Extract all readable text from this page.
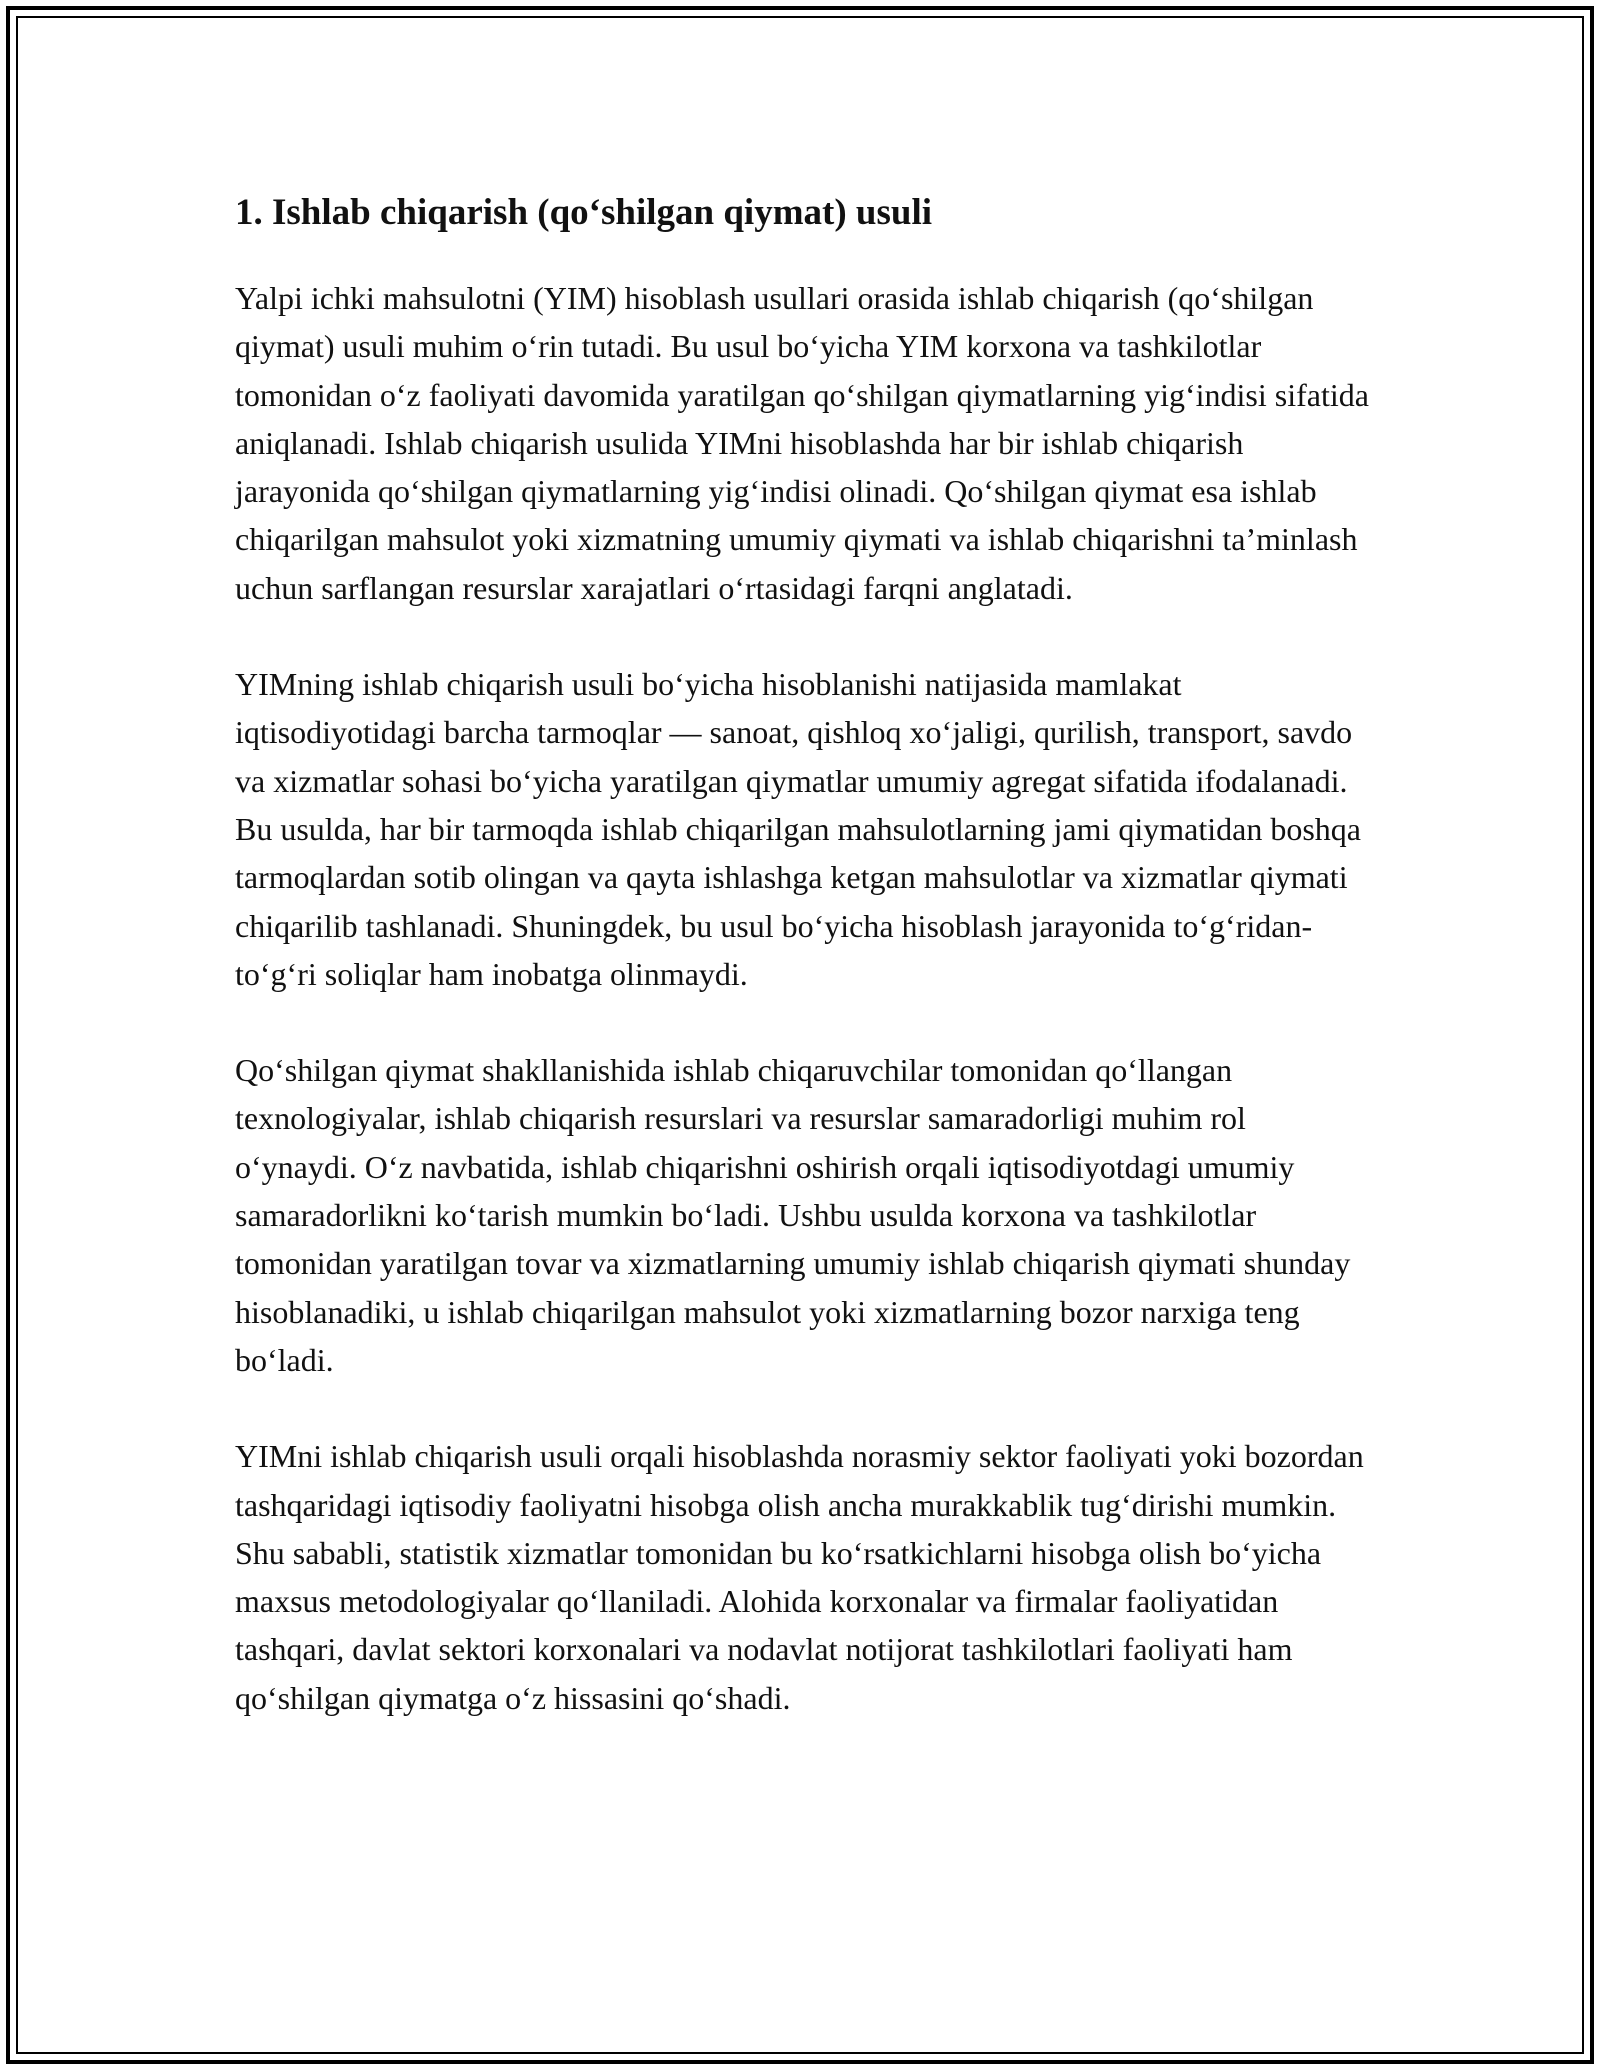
1. Ishlab chiqarish (qo‘shilgan qiymat) usuli

Yalpi ichki mahsulotni (YIM) hisoblash usullari orasida ishlab chiqarish (qo‘shilgan qiymat) usuli muhim o‘rin tutadi. Bu usul bo‘yicha YIM korxona va tashkilotlar tomonidan o‘z faoliyati davomida yaratilgan qo‘shilgan qiymatlarning yig‘indisi sifatida aniqlanadi. Ishlab chiqarish usulida YIMni hisoblashda har bir ishlab chiqarish jarayonida qo‘shilgan qiymatlarning yig‘indisi olinadi. Qo‘shilgan qiymat esa ishlab chiqarilgan mahsulot yoki xizmatning umumiy qiymati va ishlab chiqarishni ta’minlash uchun sarflangan resurslar xarajatlari o‘rtasidagi farqni anglatadi.

YIMning ishlab chiqarish usuli bo‘yicha hisoblanishi natijasida mamlakat iqtisodiyotidagi barcha tarmoqlar — sanoat, qishloq xo‘jaligi, qurilish, transport, savdo va xizmatlar sohasi bo‘yicha yaratilgan qiymatlar umumiy agregat sifatida ifodalanadi. Bu usulda, har bir tarmoqda ishlab chiqarilgan mahsulotlarning jami qiymatidan boshqa tarmoqlardan sotib olingan va qayta ishlashga ketgan mahsulotlar va xizmatlar qiymati chiqarilib tashlanadi. Shuningdek, bu usul bo‘yicha hisoblash jarayonida to‘g‘ridan-to‘g‘ri soliqlar ham inobatga olinmaydi.

Qo‘shilgan qiymat shakllanishida ishlab chiqaruvchilar tomonidan qo‘llangan texnologiyalar, ishlab chiqarish resurslari va resurslar samaradorligi muhim rol o‘ynaydi. O‘z navbatida, ishlab chiqarishni oshirish orqali iqtisodiyotdagi umumiy samaradorlikni ko‘tarish mumkin bo‘ladi. Ushbu usulda korxona va tashkilotlar tomonidan yaratilgan tovar va xizmatlarning umumiy ishlab chiqarish qiymati shunday hisoblanadiki, u ishlab chiqarilgan mahsulot yoki xizmatlarning bozor narxiga teng bo‘ladi.

YIMni ishlab chiqarish usuli orqali hisoblashda norasmiy sektor faoliyati yoki bozordan tashqaridagi iqtisodiy faoliyatni hisobga olish ancha murakkablik tug‘dirishi mumkin. Shu sababli, statistik xizmatlar tomonidan bu ko‘rsatkichlarni hisobga olish bo‘yicha maxsus metodologiyalar qo‘llaniladi. Alohida korxonalar va firmalar faoliyatidan tashqari, davlat sektori korxonalari va nodavlat notijorat tashkilotlari faoliyati ham qo‘shilgan qiymatga o‘z hissasini qo‘shadi.
